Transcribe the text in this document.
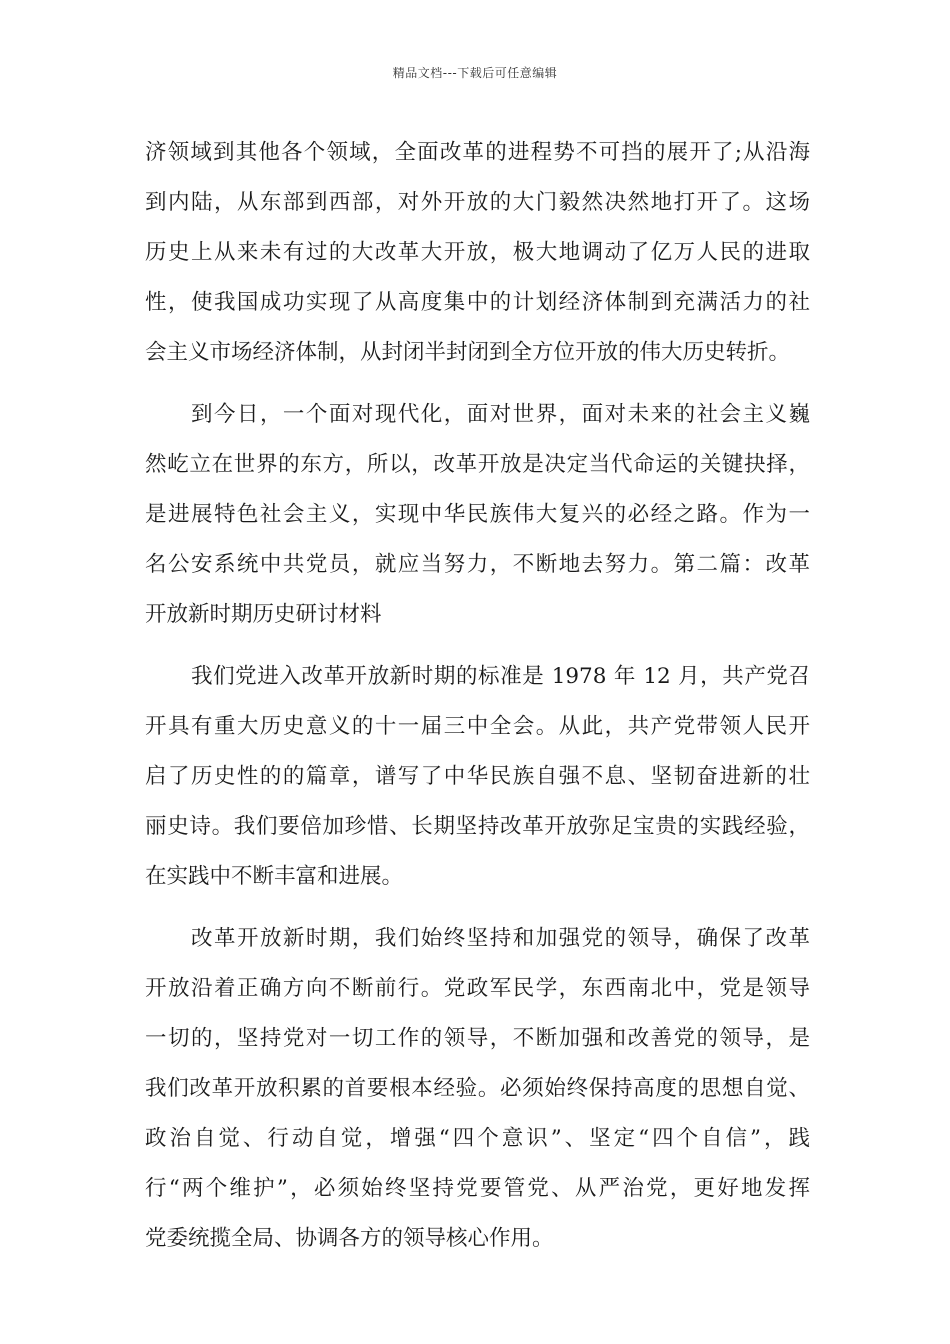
精品文档---下载后可任意编辑
济领域到其他各个领域，全面改革的进程势不可挡的展开了;从沿海
到内陆，从东部到西部，对外开放的大门毅然决然地打开了。这场
历史上从来未有过的大改革大开放，极大地调动了亿万人民的进取
性，使我国成功实现了从高度集中的计划经济体制到充满活力的社
会主义市场经济体制，从封闭半封闭到全方位开放的伟大历史转折。
到今日，一个面对现代化，面对世界，面对未来的社会主义巍
然屹立在世界的东方，所以，改革开放是决定当代命运的关键抉择，
是进展特色社会主义，实现中华民族伟大复兴的必经之路。作为一
名公安系统中共党员，就应当努力，不断地去努力。第二篇：改革
开放新时期历史研讨材料
我们党进入改革开放新时期的标准是 1978 年 12 月，共产党召
开具有重大历史意义的十一届三中全会。从此，共产党带领人民开
启了历史性的的篇章，谱写了中华民族自强不息、坚韧奋进新的壮
丽史诗。我们要倍加珍惜、长期坚持改革开放弥足宝贵的实践经验，
在实践中不断丰富和进展。
改革开放新时期，我们始终坚持和加强党的领导，确保了改革
开放沿着正确方向不断前行。党政军民学，东西南北中，党是领导
一切的，坚持党对一切工作的领导，不断加强和改善党的领导，是
我们改革开放积累的首要根本经验。必须始终保持高度的思想自觉、
政治自觉、行动自觉，增强“四个意识”、坚定“四个自信”，践
行“两个维护”，必须始终坚持党要管党、从严治党，更好地发挥
党委统揽全局、协调各方的领导核心作用。
